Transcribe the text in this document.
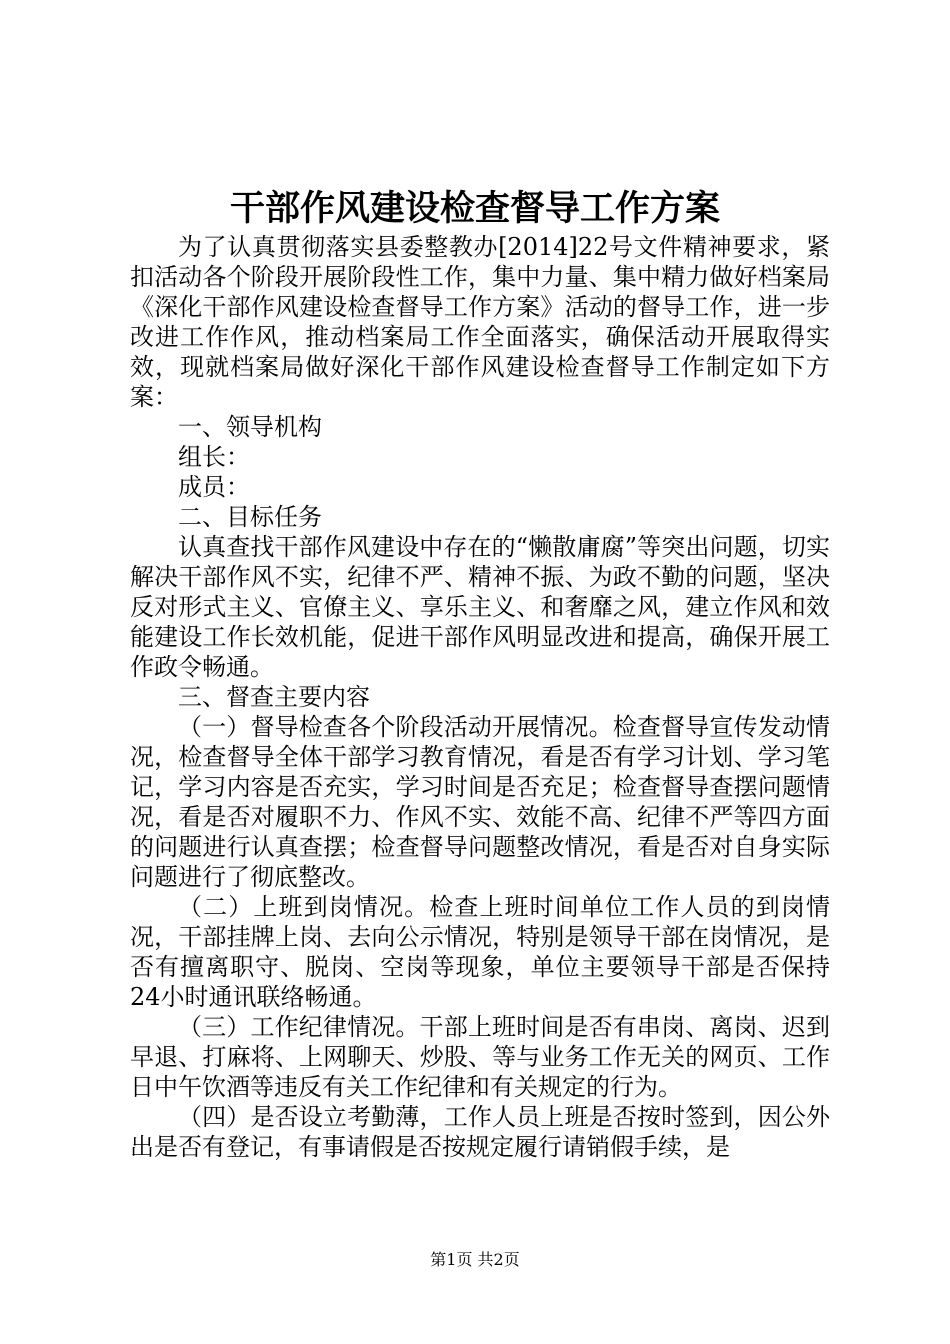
干部作风建设检查督导工作方案

为了认真贯彻落实县委整教办[2014]22号文件精神要求，紧扣活动各个阶段开展阶段性工作，集中力量、集中精力做好档案局《深化干部作风建设检查督导工作方案》活动的督导工作，进一步改进工作作风，推动档案局工作全面落实，确保活动开展取得实效，现就档案局做好深化干部作风建设检查督导工作制定如下方案：

一、领导机构

组长：

成员：

二、目标任务

认真查找干部作风建设中存在的“懒散庸腐”等突出问题，切实解决干部作风不实，纪律不严、精神不振、为政不勤的问题，坚决反对形式主义、官僚主义、享乐主义、和奢靡之风，建立作风和效能建设工作长效机能，促进干部作风明显改进和提高，确保开展工作政令畅通。

三、督查主要内容

（一）督导检查各个阶段活动开展情况。检查督导宣传发动情况，检查督导全体干部学习教育情况，看是否有学习计划、学习笔记，学习内容是否充实，学习时间是否充足；检查督导查摆问题情况，看是否对履职不力、作风不实、效能不高、纪律不严等四方面的问题进行认真查摆；检查督导问题整改情况，看是否对自身实际问题进行了彻底整改。

（二）上班到岗情况。检查上班时间单位工作人员的到岗情况，干部挂牌上岗、去向公示情况，特别是领导干部在岗情况，是否有擅离职守、脱岗、空岗等现象，单位主要领导干部是否保持24小时通讯联络畅通。

（三）工作纪律情况。干部上班时间是否有串岗、离岗、迟到早退、打麻将、上网聊天、炒股、等与业务工作无关的网页、工作日中午饮酒等违反有关工作纪律和有关规定的行为。

（四）是否设立考勤薄，工作人员上班是否按时签到，因公外出是否有登记，有事请假是否按规定履行请销假手续，是

第1页 共2页
